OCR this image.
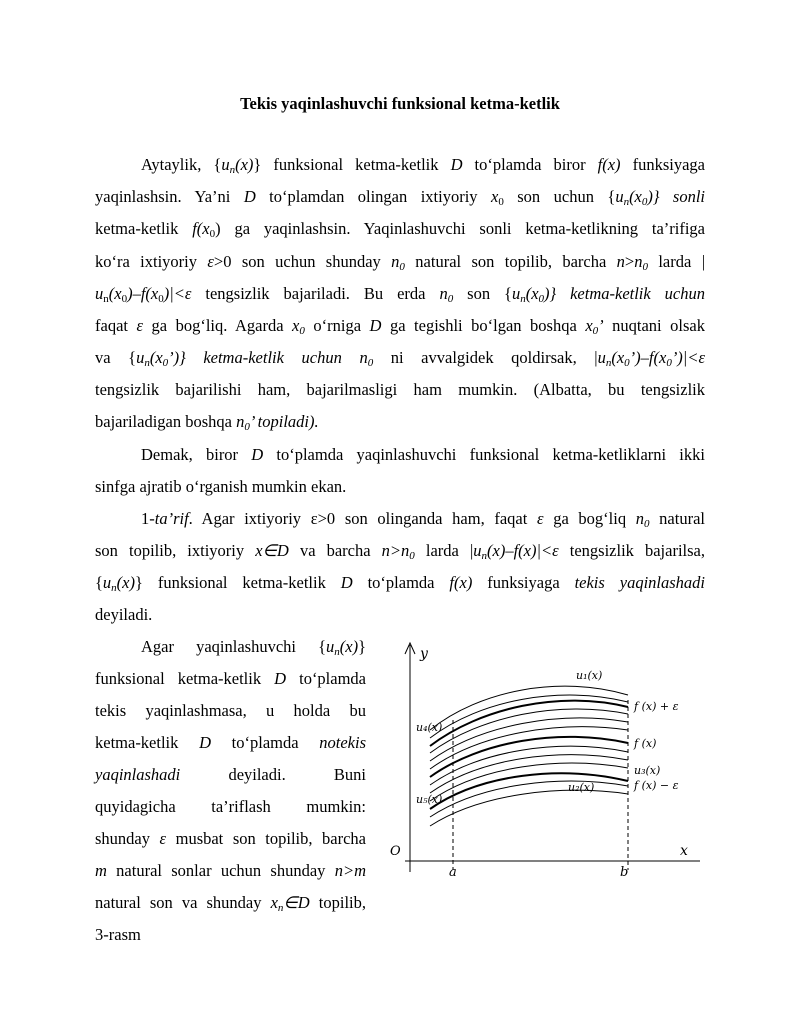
Tekis yaqinlashuvchi funksional ketma-ketlik
Aytaylik, $\{u_n(x)\}$ funksional ketma-ketlik D to‘plamda biror f(x) funksiyaga
yaqinlashsin. Ya’ni D to‘plamdan olingan ixtiyoriy $x_0$ son uchun $\{u_n(x_0)\}$ sonli
ketma-ketlik $f(x_0)$ ga yaqinlashsin. Yaqinlashuvchi sonli ketma-ketlikning ta’rifiga
ko‘ra ixtiyoriy ε>0 son uchun shunday $n_0$ natural son topilib, barcha $n>n_0$ larda |
$u_n(x_0)-f(x_0)|<\varepsilon$ tengsizlik bajariladi. Bu erda $n_0$ son $\{u_n(x_0)\}$ ketma-ketlik uchun
faqat ε ga bog‘liq. Agarda $x_0$ o‘rniga D ga tegishli bo‘lgan boshqa $x_0$’ nuqtani olsak
va $\{u_n(x_0’)\}$ ketma-ketlik uchun $n_0$ ni avvalgidek qoldirsak, $|u_n(x_0’)-f(x_0’)|<\varepsilon$
tengsizlik bajarilishi ham, bajarilmasligi ham mumkin. (Albatta, bu tengsizlik
bajariladigan boshqa $n_0$’ topiladi).
Demak, biror D to‘plamda yaqinlashuvchi funksional ketma-ketliklarni ikki
sinfga ajratib o‘rganish mumkin ekan.
1-ta’rif. Agar ixtiyoriy ε>0 son olinganda ham, faqat ε ga bog‘liq $n_0$ natural
son topilib, ixtiyoriy x∈D va barcha $n>n_0$ larda $|u_n(x)-f(x)|<\varepsilon$ tengsizlik bajarilsa,
$\{u_n(x)\}$ funksional ketma-ketlik D to‘plamda f(x) funksiyaga tekis yaqinlashadi
deyiladi.
Agar yaqinlashuvchi $\{u_n(x)\}$
funksional ketma-ketlik D to‘plamda
tekis yaqinlashmasa, u holda bu
ketma-ketlik D to‘plamda notekis
yaqinlashadi deyiladi. Buni
quyidagicha ta’riflash mumkin:
shunday ε musbat son topilib, barcha
m natural sonlar uchun shunday n>m
natural son va shunday $x_n\in D$ topilib,
3-rasm
y
x
O
a	b
u₁(x)
u₄(x)
u₅(x)
u₂(x)
u₃(x)
f (x) + ε
f (x)
f (x) − ε
